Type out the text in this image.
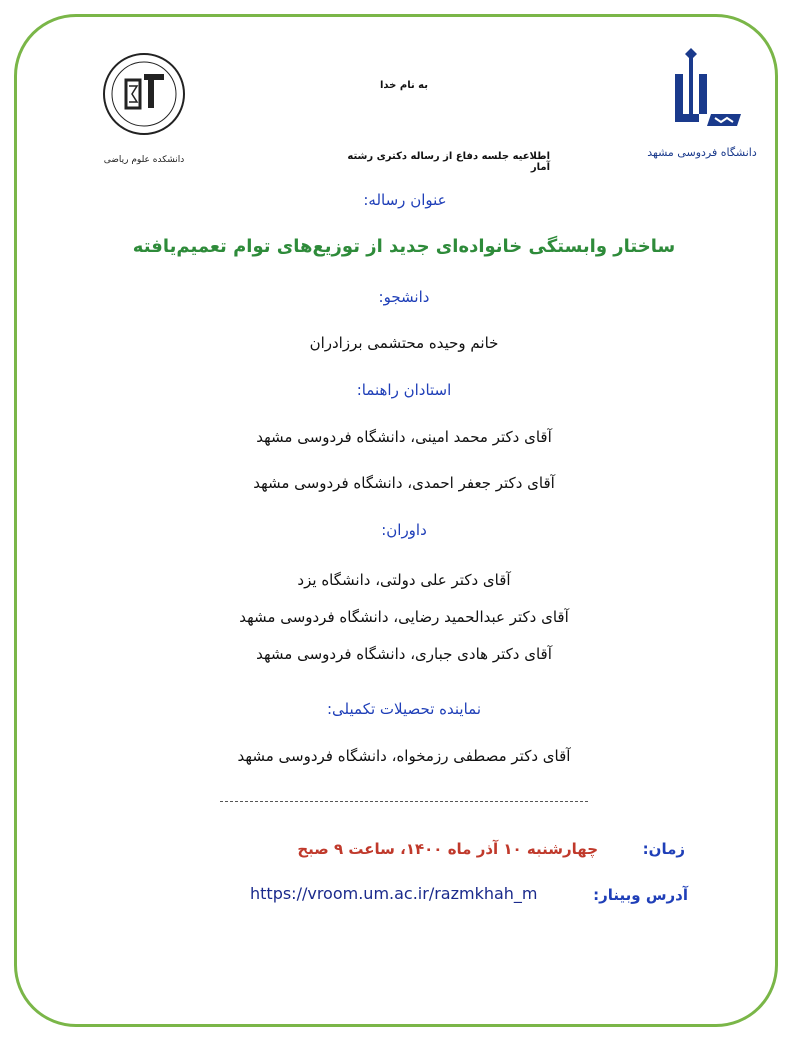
دانشگاه فردوسی مشهد
دانشکده علوم ریاضی
به نام خدا
اطلاعیه جلسه دفاع از رساله دکتری رشته آمار
عنوان رساله:
ساختار وابستگی خانواده‌ای جدید از توزیع‌های توام تعمیم‌یافته
دانشجو:
خانم وحیده محتشمی برزادران
استادان راهنما:
آقای دکتر محمد امینی، دانشگاه فردوسی مشهد
آقای دکتر جعفر احمدی، دانشگاه فردوسی مشهد
داوران:
آقای دکتر علی دولتی، دانشگاه یزد
آقای دکتر عبدالحمید رضایی، دانشگاه فردوسی مشهد
آقای دکتر هادی جباری، دانشگاه فردوسی مشهد
نماینده تحصیلات تکمیلی:
آقای دکتر مصطفی رزمخواه، دانشگاه فردوسی مشهد
زمان:
چهارشنبه ۱۰ آذر ماه ۱۴۰۰، ساعت ۹ صبح
آدرس وبینار:
https://vroom.um.ac.ir/razmkhah_m
